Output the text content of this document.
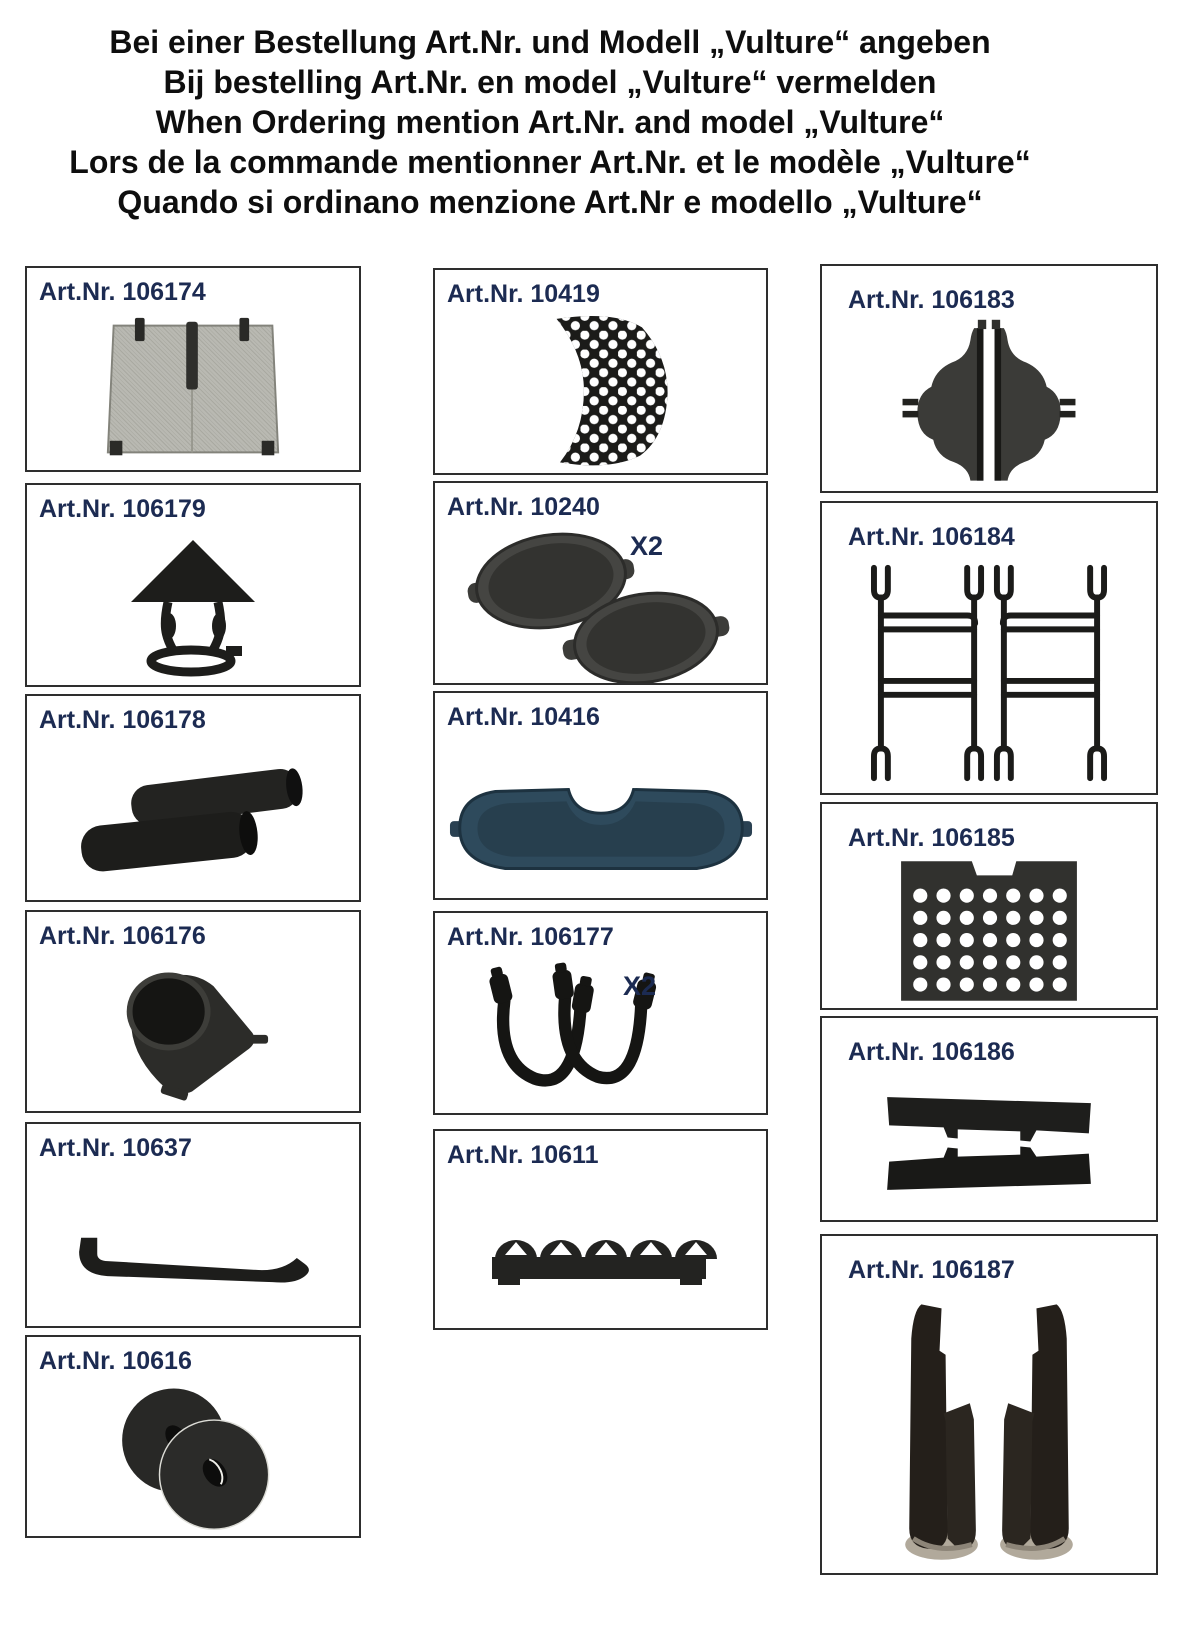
Bei einer Bestellung Art.Nr. und Modell „Vulture“ angeben
Bij bestelling Art.Nr. en model „Vulture“ vermelden
When Ordering mention Art.Nr. and model „Vulture“
Lors de la commande mentionner Art.Nr. et le modèle „Vulture“
Quando si ordinano menzione Art.Nr e modello „Vulture“
Art.Nr. 106174
Art.Nr. 106179
Art.Nr. 106178
Art.Nr. 106176
Art.Nr. 10637
Art.Nr. 10616
Art.Nr. 10419
Art.Nr. 10240
X2
Art.Nr. 10416
Art.Nr. 106177
X2
Art.Nr. 10611
Art.Nr. 106183
Art.Nr. 106184
Art.Nr. 106185
Art.Nr. 106186
Art.Nr. 106187
